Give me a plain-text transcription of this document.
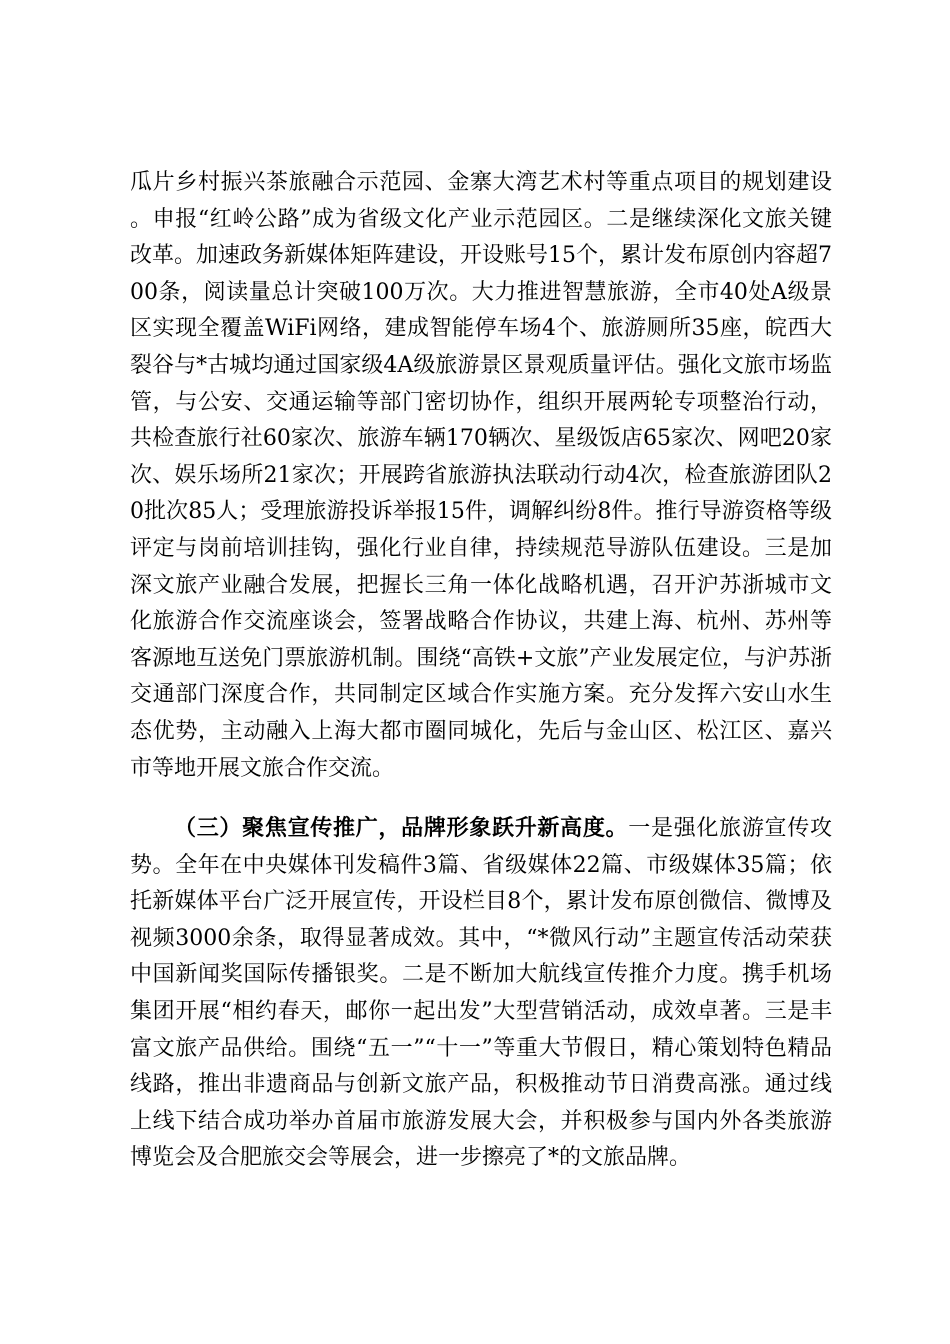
瓜片乡村振兴茶旅融合示范园、金寨大湾艺术村等重点项目的规划建设。申报“红岭公路”成为省级文化产业示范园区。二是继续深化文旅关键改革。加速政务新媒体矩阵建设，开设账号15个，累计发布原创内容超700条，阅读量总计突破100万次。大力推进智慧旅游，全市40处A级景区实现全覆盖WiFi网络，建成智能停车场4个、旅游厕所35座，皖西大裂谷与*古城均通过国家级4A级旅游景区景观质量评估。强化文旅市场监管，与公安、交通运输等部门密切协作，组织开展两轮专项整治行动，共检查旅行社60家次、旅游车辆170辆次、星级饭店65家次、网吧20家次、娱乐场所21家次；开展跨省旅游执法联动行动4次，检查旅游团队20批次85人；受理旅游投诉举报15件，调解纠纷8件。推行导游资格等级评定与岗前培训挂钩，强化行业自律，持续规范导游队伍建设。三是加深文旅产业融合发展，把握长三角一体化战略机遇，召开沪苏浙城市文化旅游合作交流座谈会，签署战略合作协议，共建上海、杭州、苏州等客源地互送免门票旅游机制。围绕“高铁+文旅”产业发展定位，与沪苏浙交通部门深度合作，共同制定区域合作实施方案。充分发挥六安山水生态优势，主动融入上海大都市圈同城化，先后与金山区、松江区、嘉兴市等地开展文旅合作交流。

（三）聚焦宣传推广，品牌形象跃升新高度。一是强化旅游宣传攻势。全年在中央媒体刊发稿件3篇、省级媒体22篇、市级媒体35篇；依托新媒体平台广泛开展宣传，开设栏目8个，累计发布原创微信、微博及视频3000余条，取得显著成效。其中，“*微风行动”主题宣传活动荣获中国新闻奖国际传播银奖。二是不断加大航线宣传推介力度。携手机场集团开展“相约春天，邮你一起出发”大型营销活动，成效卓著。三是丰富文旅产品供给。围绕“五一”“十一”等重大节假日，精心策划特色精品线路，推出非遗商品与创新文旅产品，积极推动节日消费高涨。通过线上线下结合成功举办首届市旅游发展大会，并积极参与国内外各类旅游博览会及合肥旅交会等展会，进一步擦亮了*的文旅品牌。
